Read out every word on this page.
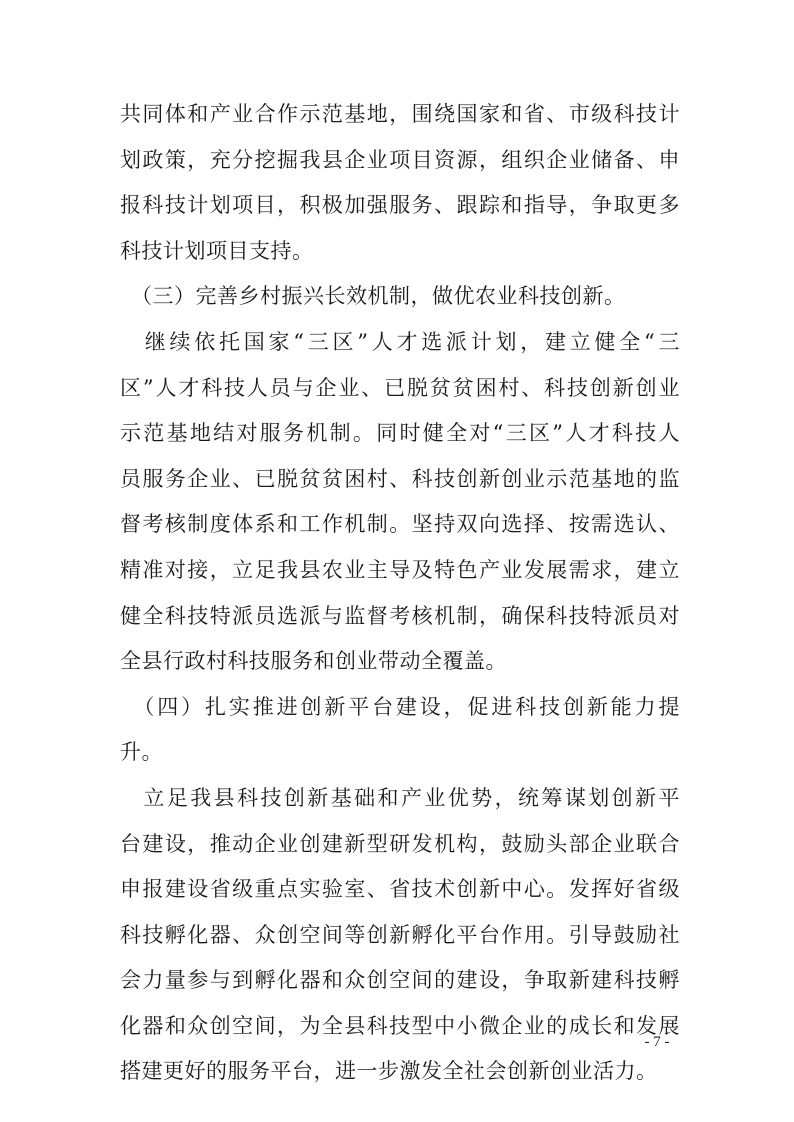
共同体和产业合作示范基地，围绕国家和省、市级科技计
划政策，充分挖掘我县企业项目资源，组织企业储备、申
报科技计划项目，积极加强服务、跟踪和指导，争取更多
科技计划项目支持。
　（三）完善乡村振兴长效机制，做优农业科技创新。
　继续依托国家“三区”人才选派计划，建立健全“三
区”人才科技人员与企业、已脱贫贫困村、科技创新创业
示范基地结对服务机制。同时健全对“三区”人才科技人
员服务企业、已脱贫贫困村、科技创新创业示范基地的监
督考核制度体系和工作机制。坚持双向选择、按需选认、
精准对接，立足我县农业主导及特色产业发展需求，建立
健全科技特派员选派与监督考核机制，确保科技特派员对
全县行政村科技服务和创业带动全覆盖。
　（四）扎实推进创新平台建设，促进科技创新能力提
升。
　立足我县科技创新基础和产业优势，统筹谋划创新平
台建设，推动企业创建新型研发机构，鼓励头部企业联合
申报建设省级重点实验室、省技术创新中心。发挥好省级
科技孵化器、众创空间等创新孵化平台作用。引导鼓励社
会力量参与到孵化器和众创空间的建设，争取新建科技孵
化器和众创空间，为全县科技型中小微企业的成长和发展
搭建更好的服务平台，进一步激发全社会创新创业活力。
- 7 -
